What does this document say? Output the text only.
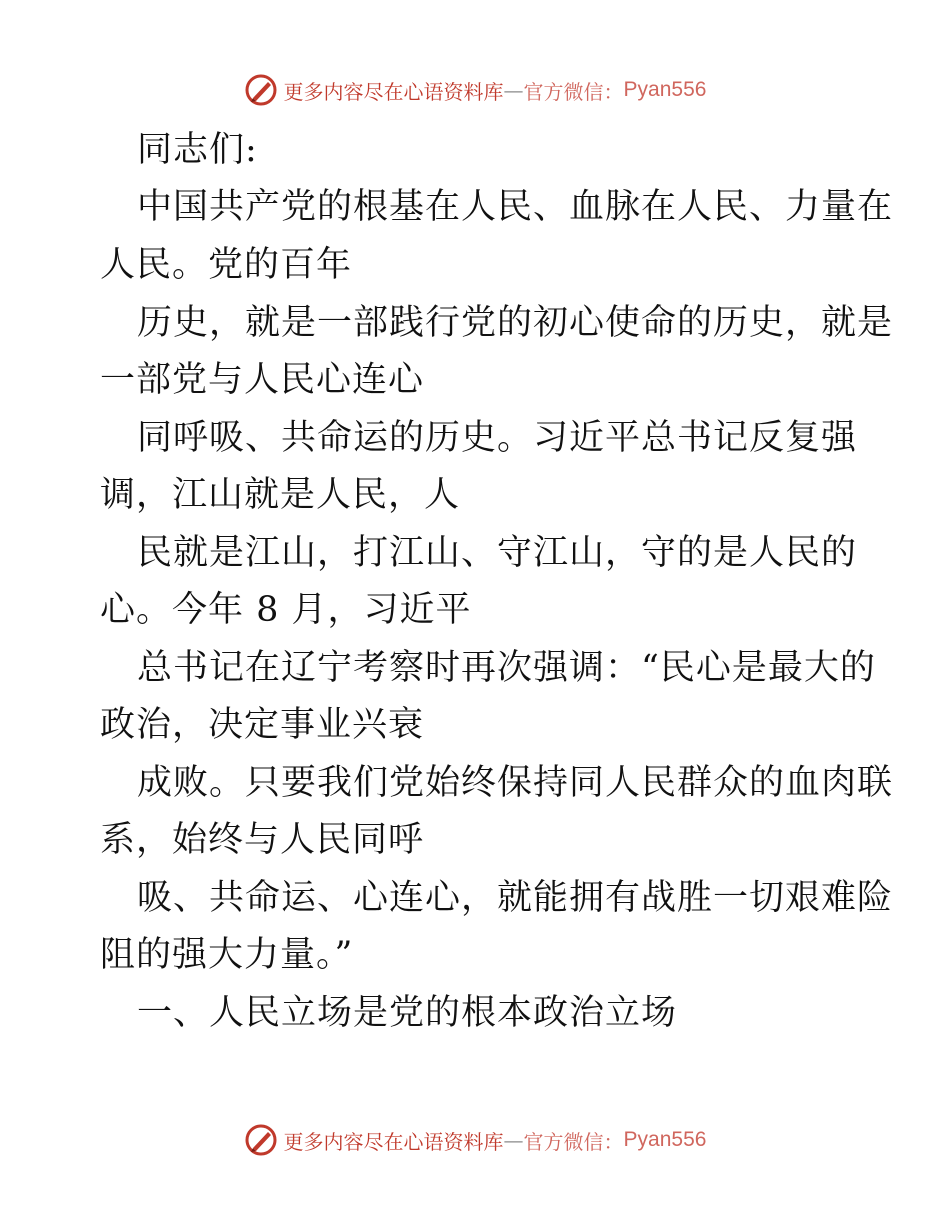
更多内容尽在心语资料库 — 官方微信： Pyan556
同志们:
中国共产党的根基在人民、血脉在人民、力量在
人民。党的百年
历史，就是一部践行党的初心使命的历史，就是
一部党与人民心连心
同呼吸、共命运的历史。习近平总书记反复强
调，江山就是人民，人
民就是江山，打江山、守江山，守的是人民的
心。今年 8 月，习近平
总书记在辽宁考察时再次强调：“民心是最大的
政治，决定事业兴衰
成败。只要我们党始终保持同人民群众的血肉联
系，始终与人民同呼
吸、共命运、心连心，就能拥有战胜一切艰难险
阻的强大力量。”
一、人民立场是党的根本政治立场
更多内容尽在心语资料库 — 官方微信： Pyan556
